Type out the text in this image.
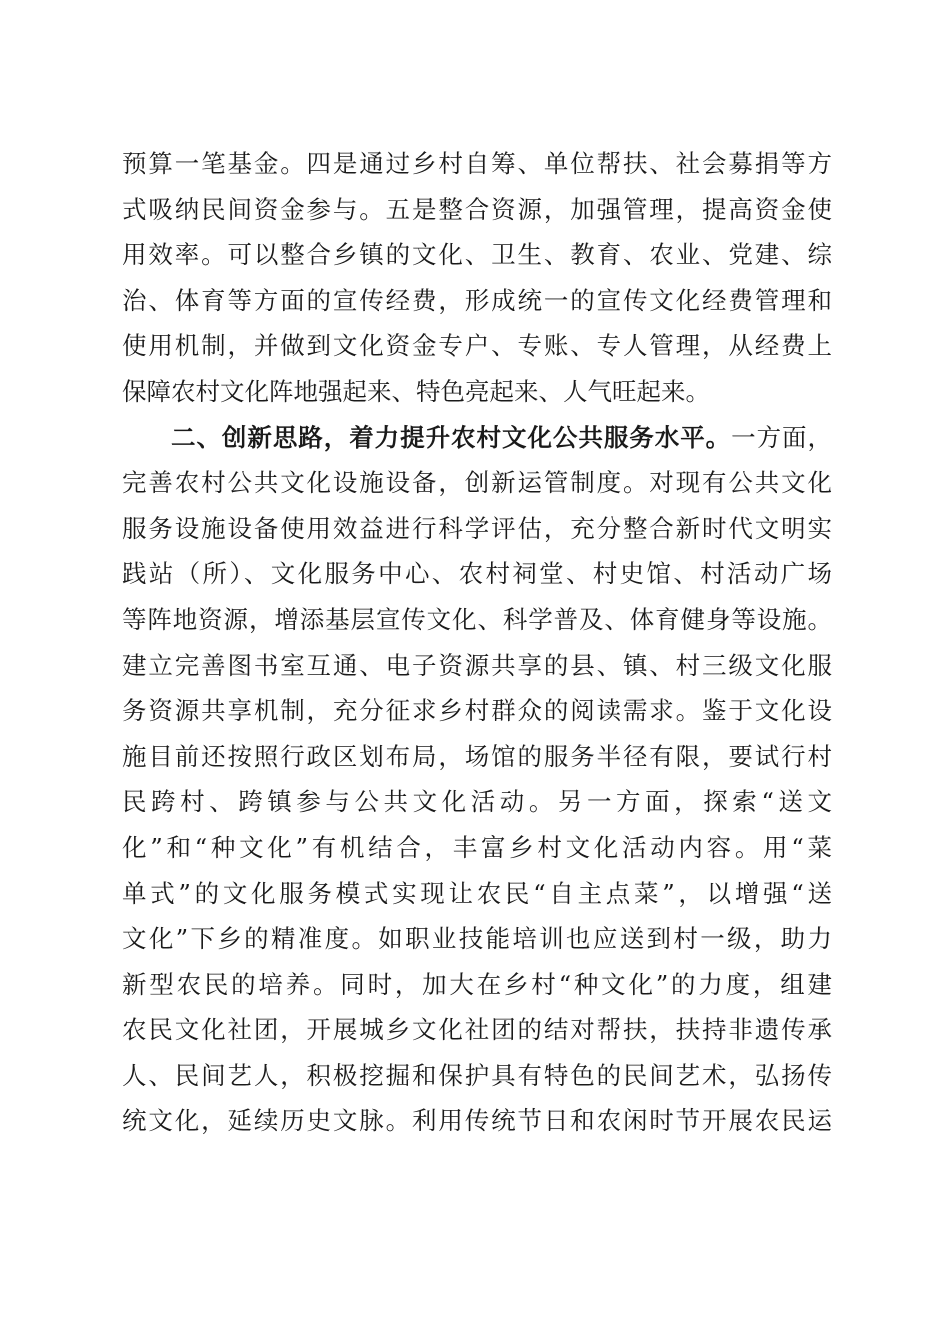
预算一笔基金。四是通过乡村自筹、单位帮扶、社会募捐等方
式吸纳民间资金参与。五是整合资源，加强管理，提高资金使
用效率。可以整合乡镇的文化、卫生、教育、农业、党建、综
治、体育等方面的宣传经费，形成统一的宣传文化经费管理和
使用机制，并做到文化资金专户、专账、专人管理，从经费上
保障农村文化阵地强起来、特色亮起来、人气旺起来。
二、创新思路，着力提升农村文化公共服务水平。一方面，
完善农村公共文化设施设备，创新运管制度。对现有公共文化
服务设施设备使用效益进行科学评估，充分整合新时代文明实
践站（所）、文化服务中心、农村祠堂、村史馆、村活动广场
等阵地资源，增添基层宣传文化、科学普及、体育健身等设施。
建立完善图书室互通、电子资源共享的县、镇、村三级文化服
务资源共享机制，充分征求乡村群众的阅读需求。鉴于文化设
施目前还按照行政区划布局，场馆的服务半径有限，要试行村
民跨村、跨镇参与公共文化活动。另一方面，探索“送文
化”和“种文化”有机结合，丰富乡村文化活动内容。用“菜
单式”的文化服务模式实现让农民“自主点菜”，以增强“送
文化”下乡的精准度。如职业技能培训也应送到村一级，助力
新型农民的培养。同时，加大在乡村“种文化”的力度，组建
农民文化社团，开展城乡文化社团的结对帮扶，扶持非遗传承
人、民间艺人，积极挖掘和保护具有特色的民间艺术，弘扬传
统文化，延续历史文脉。利用传统节日和农闲时节开展农民运
